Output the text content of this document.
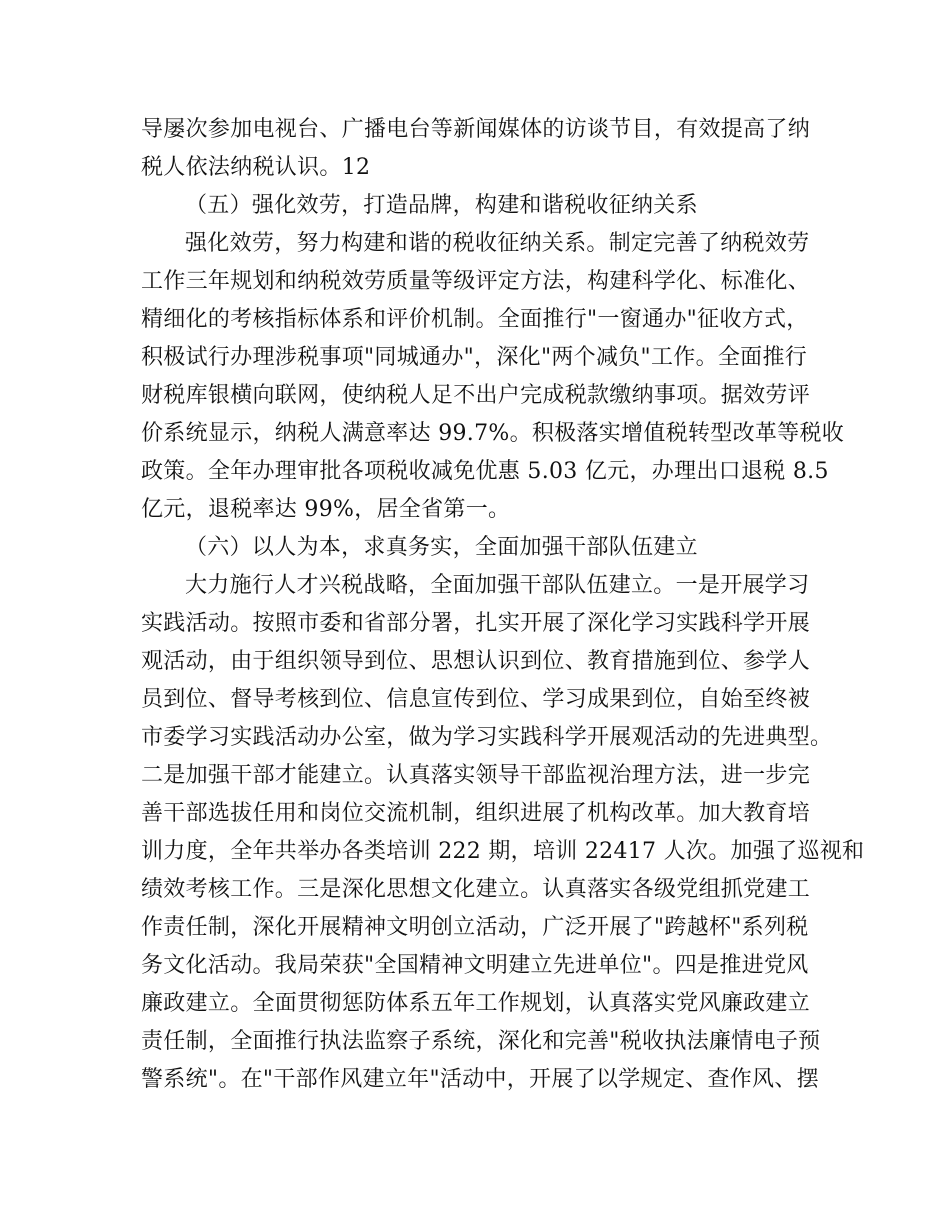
导屡次参加电视台、广播电台等新闻媒体的访谈节目，有效提高了纳
税人依法纳税认识。12
（五）强化效劳，打造品牌，构建和谐税收征纳关系
强化效劳，努力构建和谐的税收征纳关系。制定完善了纳税效劳
工作三年规划和纳税效劳质量等级评定方法，构建科学化、标准化、
精细化的考核指标体系和评价机制。全面推行"一窗通办"征收方式，
积极试行办理涉税事项"同城通办"，深化"两个减负"工作。全面推行
财税库银横向联网，使纳税人足不出户完成税款缴纳事项。据效劳评
价系统显示，纳税人满意率达 99.7%。积极落实增值税转型改革等税收
政策。全年办理审批各项税收减免优惠 5.03 亿元，办理出口退税 8.5
亿元，退税率达 99%，居全省第一。
（六）以人为本，求真务实，全面加强干部队伍建立
大力施行人才兴税战略，全面加强干部队伍建立。一是开展学习
实践活动。按照市委和省部分署，扎实开展了深化学习实践科学开展
观活动，由于组织领导到位、思想认识到位、教育措施到位、参学人
员到位、督导考核到位、信息宣传到位、学习成果到位，自始至终被
市委学习实践活动办公室，做为学习实践科学开展观活动的先进典型。
二是加强干部才能建立。认真落实领导干部监视治理方法，进一步完
善干部选拔任用和岗位交流机制，组织进展了机构改革。加大教育培
训力度，全年共举办各类培训 222 期，培训 22417 人次。加强了巡视和
绩效考核工作。三是深化思想文化建立。认真落实各级党组抓党建工
作责任制，深化开展精神文明创立活动，广泛开展了"跨越杯"系列税
务文化活动。我局荣获"全国精神文明建立先进单位"。四是推进党风
廉政建立。全面贯彻惩防体系五年工作规划，认真落实党风廉政建立
责任制，全面推行执法监察子系统，深化和完善"税收执法廉情电子预
警系统"。在"干部作风建立年"活动中，开展了以学规定、查作风、摆
